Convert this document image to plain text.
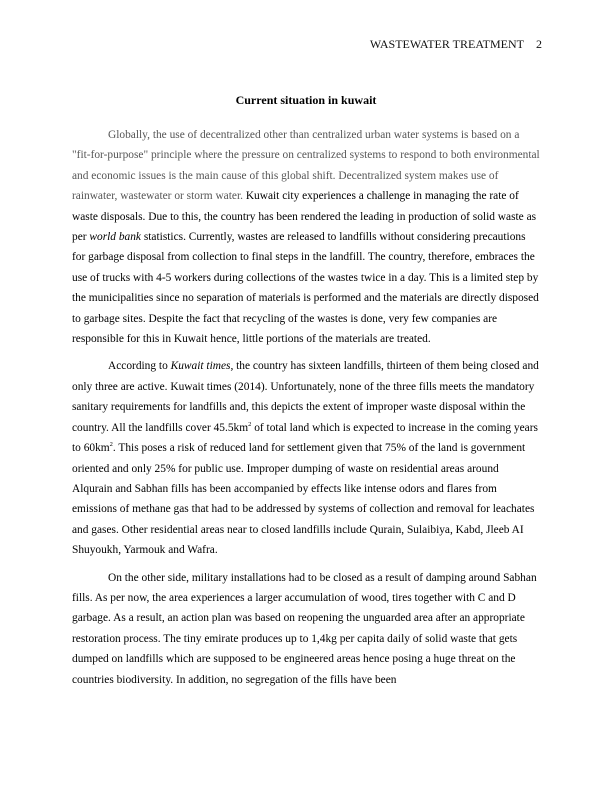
WASTEWATER TREATMENT 2
Current situation in kuwait

Globally, the use of decentralized other than centralized urban water systems is based on a "fit-for-purpose" principle where the pressure on centralized systems to respond to both environmental and economic issues is the main cause of this global shift. Decentralized system makes use of rainwater, wastewater or storm water. Kuwait city experiences a challenge in managing the rate of waste disposals. Due to this, the country has been rendered the leading in production of solid waste as per world bank statistics. Currently, wastes are released to landfills without considering precautions for garbage disposal from collection to final steps in the landfill. The country, therefore, embraces the use of trucks with 4-5 workers during collections of the wastes twice in a day. This is a limited step by the municipalities since no separation of materials is performed and the materials are directly disposed to garbage sites. Despite the fact that recycling of the wastes is done, very few companies are responsible for this in Kuwait hence, little portions of the materials are treated.

According to Kuwait times, the country has sixteen landfills, thirteen of them being closed and only three are active. Kuwait times (2014). Unfortunately, none of the three fills meets the mandatory sanitary requirements for landfills and, this depicts the extent of improper waste disposal within the country. All the landfills cover $45.5km^2$ of total land which is expected to increase in the coming years to $60km^2$. This poses a risk of reduced land for settlement given that 75% of the land is government oriented and only 25% for public use. Improper dumping of waste on residential areas around Alqurain and Sabhan fills has been accompanied by effects like intense odors and flares from emissions of methane gas that had to be addressed by systems of collection and removal for leachates and gases. Other residential areas near to closed landfills include Qurain, Sulaibiya, Kabd, Jleeb AI Shuyoukh, Yarmouk and Wafra.

On the other side, military installations had to be closed as a result of damping around Sabhan fills. As per now, the area experiences a larger accumulation of wood, tires together with C and D garbage. As a result, an action plan was based on reopening the unguarded area after an appropriate restoration process. The tiny emirate produces up to 1,4kg per capita daily of solid waste that gets dumped on landfills which are supposed to be engineered areas hence posing a huge threat on the countries biodiversity. In addition, no segregation of the fills have been
